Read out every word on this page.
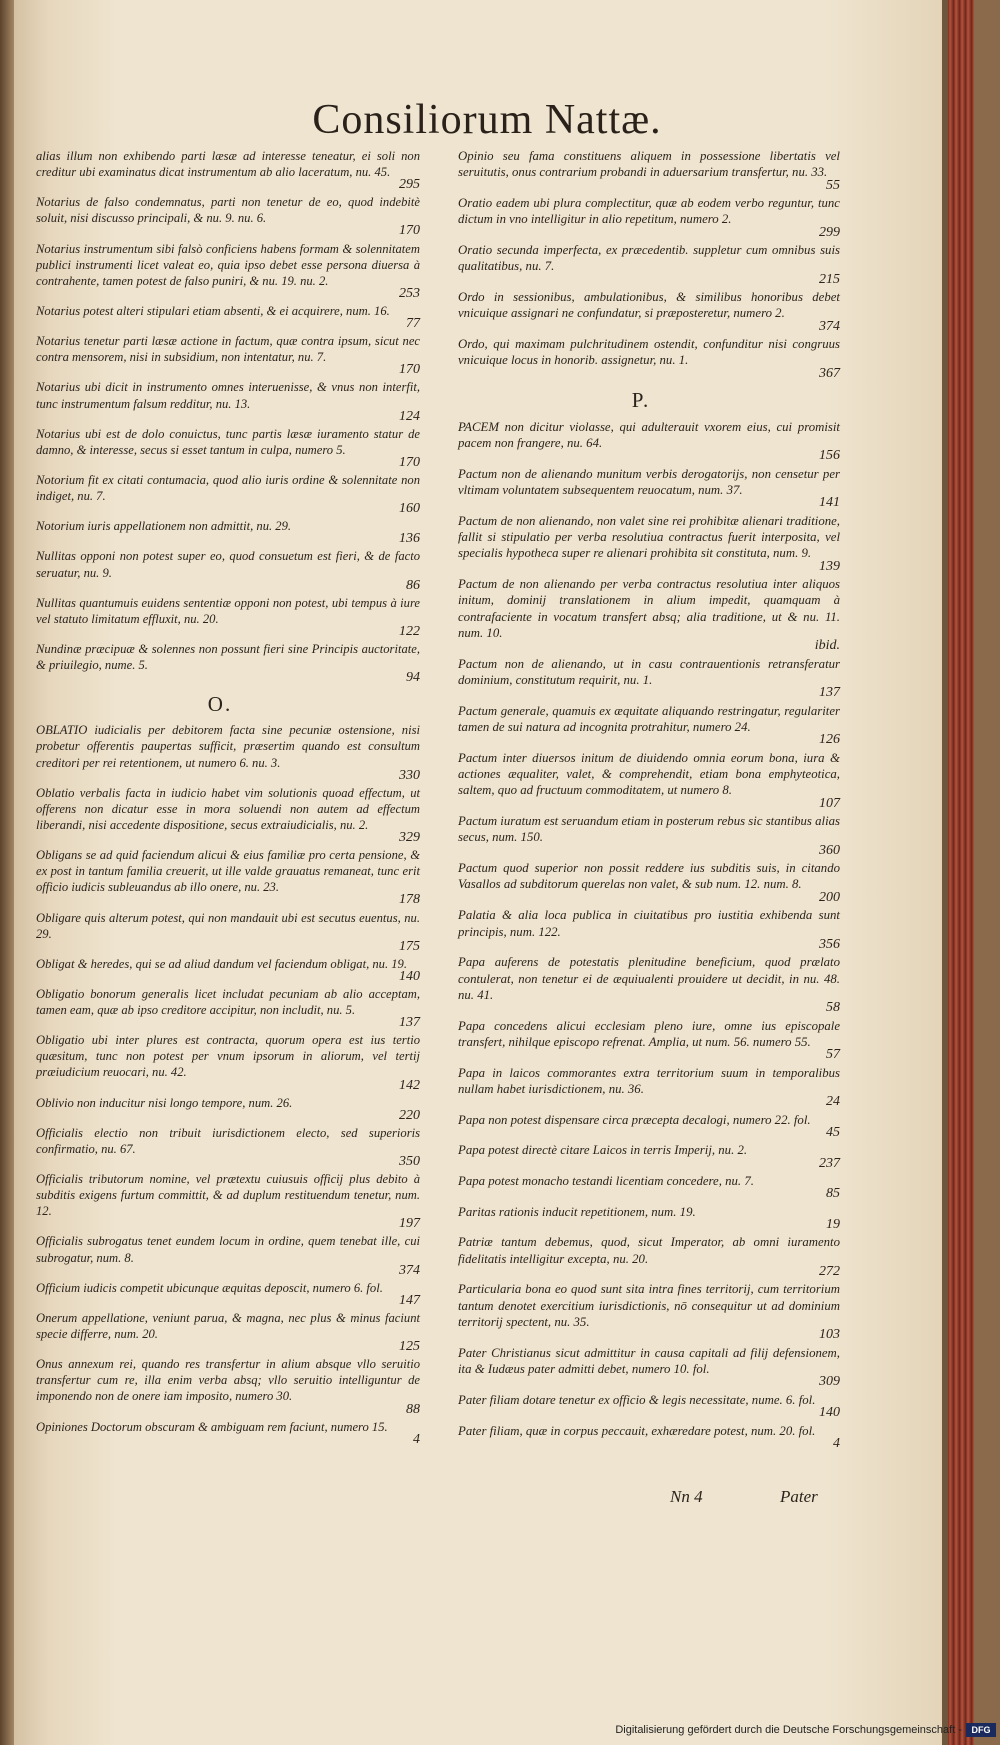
Consiliorum Nattæ.
alias illum non exhibendo parti læsæ ad interesse teneatur, ei soli non creditur ubi examinatus dicat instrumentum ab alio laceratum, nu. 45.
295
Notarius de falso condemnatus, parti non tenetur de eo, quod indebitè soluit, nisi discusso principali, & nu. 9. nu. 6.
170
Notarius instrumentum sibi falsò conficiens habens formam & solennitatem publici instrumenti licet valeat eo, quia ipso debet esse persona diuersa à contrahente, tamen potest de falso puniri, & nu. 19. nu. 2.
253
Notarius potest alteri stipulari etiam absenti, & ei acquirere, num. 16.
77
Notarius tenetur parti læsæ actione in factum, quæ contra ipsum, sicut nec contra mensorem, nisi in subsidium, non intentatur, nu. 7.
170
Notarius ubi dicit in instrumento omnes interuenisse, & vnus non interfit, tunc instrumentum falsum redditur, nu. 13.
124
Notarius ubi est de dolo conuictus, tunc partis læsæ iuramento statur de damno, & interesse, secus si esset tantum in culpa, numero 5.
170
Notorium fit ex citati contumacia, quod alio iuris ordine & solennitate non indiget, nu. 7.
160
Notorium iuris appellationem non admittit, nu. 29.
136
Nullitas opponi non potest super eo, quod consuetum est fieri, & de facto seruatur, nu. 9.
86
Nullitas quantumuis euidens sententiæ opponi non potest, ubi tempus à iure vel statuto limitatum effluxit, nu. 20.
122
Nundinæ præcipuæ & solennes non possunt fieri sine Principis auctoritate, & priuilegio, nume. 5.
94
O.
OBLATIO iudicialis per debitorem facta sine pecuniæ ostensione, nisi probetur offerentis paupertas sufficit, præsertim quando est consultum creditori per rei retentionem, ut numero 6. nu. 3.
330
Oblatio verbalis facta in iudicio habet vim solutionis quoad effectum, ut offerens non dicatur esse in mora soluendi non autem ad effectum liberandi, nisi accedente dispositione, secus extraiudicialis, nu. 2.
329
Obligans se ad quid faciendum alicui & eius familiæ pro certa pensione, & ex post in tantum familia creuerit, ut ille valde grauatus remaneat, tunc erit officio iudicis subleuandus ab illo onere, nu. 23.
178
Obligare quis alterum potest, qui non mandauit ubi est secutus euentus, nu. 29.
175
Obligat & heredes, qui se ad aliud dandum vel faciendum obligat, nu. 19.
140
Obligatio bonorum generalis licet includat pecuniam ab alio acceptam, tamen eam, quæ ab ipso creditore accipitur, non includit, nu. 5.
137
Obligatio ubi inter plures est contracta, quorum opera est ius tertio quæsitum, tunc non potest per vnum ipsorum in aliorum, vel tertij præiudicium reuocari, nu. 42.
142
Oblivio non inducitur nisi longo tempore, num. 26.
220
Officialis electio non tribuit iurisdictionem electo, sed superioris confirmatio, nu. 67.
350
Officialis tributorum nomine, vel prætextu cuiusuis officij plus debito à subditis exigens furtum committit, & ad duplum restituendum tenetur, num. 12.
197
Officialis subrogatus tenet eundem locum in ordine, quem tenebat ille, cui subrogatur, num. 8.
374
Officium iudicis competit ubicunque æquitas deposcit, numero 6. fol.
147
Onerum appellatione, veniunt parua, & magna, nec plus & minus faciunt specie differre, num. 20.
125
Onus annexum rei, quando res transfertur in alium absque vllo seruitio transfertur cum re, illa enim verba absq; vllo seruitio intelliguntur de imponendo non de onere iam imposito, numero 30.
88
Opiniones Doctorum obscuram & ambiguam rem faciunt, numero 15.
4
Opinio seu fama constituens aliquem in possessione libertatis vel seruitutis, onus contrarium probandi in aduersarium transfertur, nu. 33.
55
Oratio eadem ubi plura complectitur, quæ ab eodem verbo reguntur, tunc dictum in vno intelligitur in alio repetitum, numero 2.
299
Oratio secunda imperfecta, ex præcedentib. suppletur cum omnibus suis qualitatibus, nu. 7.
215
Ordo in sessionibus, ambulationibus, & similibus honoribus debet vnicuique assignari ne confundatur, si præposteretur, numero 2.
374
Ordo, qui maximam pulchritudinem ostendit, confunditur nisi congruus vnicuique locus in honorib. assignetur, nu. 1.
367
P.
PACEM non dicitur violasse, qui adulterauit vxorem eius, cui promisit pacem non frangere, nu. 64.
156
Pactum non de alienando munitum verbis derogatorijs, non censetur per vltimam voluntatem subsequentem reuocatum, num. 37.
141
Pactum de non alienando, non valet sine rei prohibitæ alienari traditione, fallit si stipulatio per verba resolutiua contractus fuerit interposita, vel specialis hypotheca super re alienari prohibita sit constituta, num. 9.
139
Pactum de non alienando per verba contractus resolutiua inter aliquos initum, dominij translationem in alium impedit, quamquam à contrafaciente in vocatum transfert absq; alia traditione, ut & nu. 11. num. 10.
ibid.
Pactum non de alienando, ut in casu contrauentionis retransferatur dominium, constitutum requirit, nu. 1.
137
Pactum generale, quamuis ex æquitate aliquando restringatur, regulariter tamen de sui natura ad incognita protrahitur, numero 24.
126
Pactum inter diuersos initum de diuidendo omnia eorum bona, iura & actiones æqualiter, valet, & comprehendit, etiam bona emphyteotica, saltem, quo ad fructuum commoditatem, ut numero 8.
107
Pactum iuratum est seruandum etiam in posterum rebus sic stantibus alias secus, num. 150.
360
Pactum quod superior non possit reddere ius subditis suis, in citando Vasallos ad subditorum querelas non valet, & sub num. 12. num. 8.
200
Palatia & alia loca publica in ciuitatibus pro iustitia exhibenda sunt principis, num. 122.
356
Papa auferens de potestatis plenitudine beneficium, quod prælato contulerat, non tenetur ei de æquiualenti prouidere ut decidit, in nu. 48. nu. 41.
58
Papa concedens alicui ecclesiam pleno iure, omne ius episcopale transfert, nihilque episcopo refrenat. Amplia, ut num. 56. numero 55.
57
Papa in laicos commorantes extra territorium suum in temporalibus nullam habet iurisdictionem, nu. 36.
24
Papa non potest dispensare circa præcepta decalogi, numero 22. fol.
45
Papa potest directè citare Laicos in terris Imperij, nu. 2.
237
Papa potest monacho testandi licentiam concedere, nu. 7.
85
Paritas rationis inducit repetitionem, num. 19.
19
Patriæ tantum debemus, quod, sicut Imperator, ab omni iuramento fidelitatis intelligitur excepta, nu. 20.
272
Particularia bona eo quod sunt sita intra fines territorij, cum territorium tantum denotet exercitium iurisdictionis, nō consequitur ut ad dominium territorij spectent, nu. 35.
103
Pater Christianus sicut admittitur in causa capitali ad filij defensionem, ita & Iudæus pater admitti debet, numero 10. fol.
309
Pater filiam dotare tenetur ex officio & legis necessitate, nume. 6. fol.
140
Pater filiam, quæ in corpus peccauit, exhæredare potest, num. 20. fol.
4
Nn 4	Pater
Digitalisierung gefördert durch die Deutsche Forschungsgemeinschaft -	DFG
